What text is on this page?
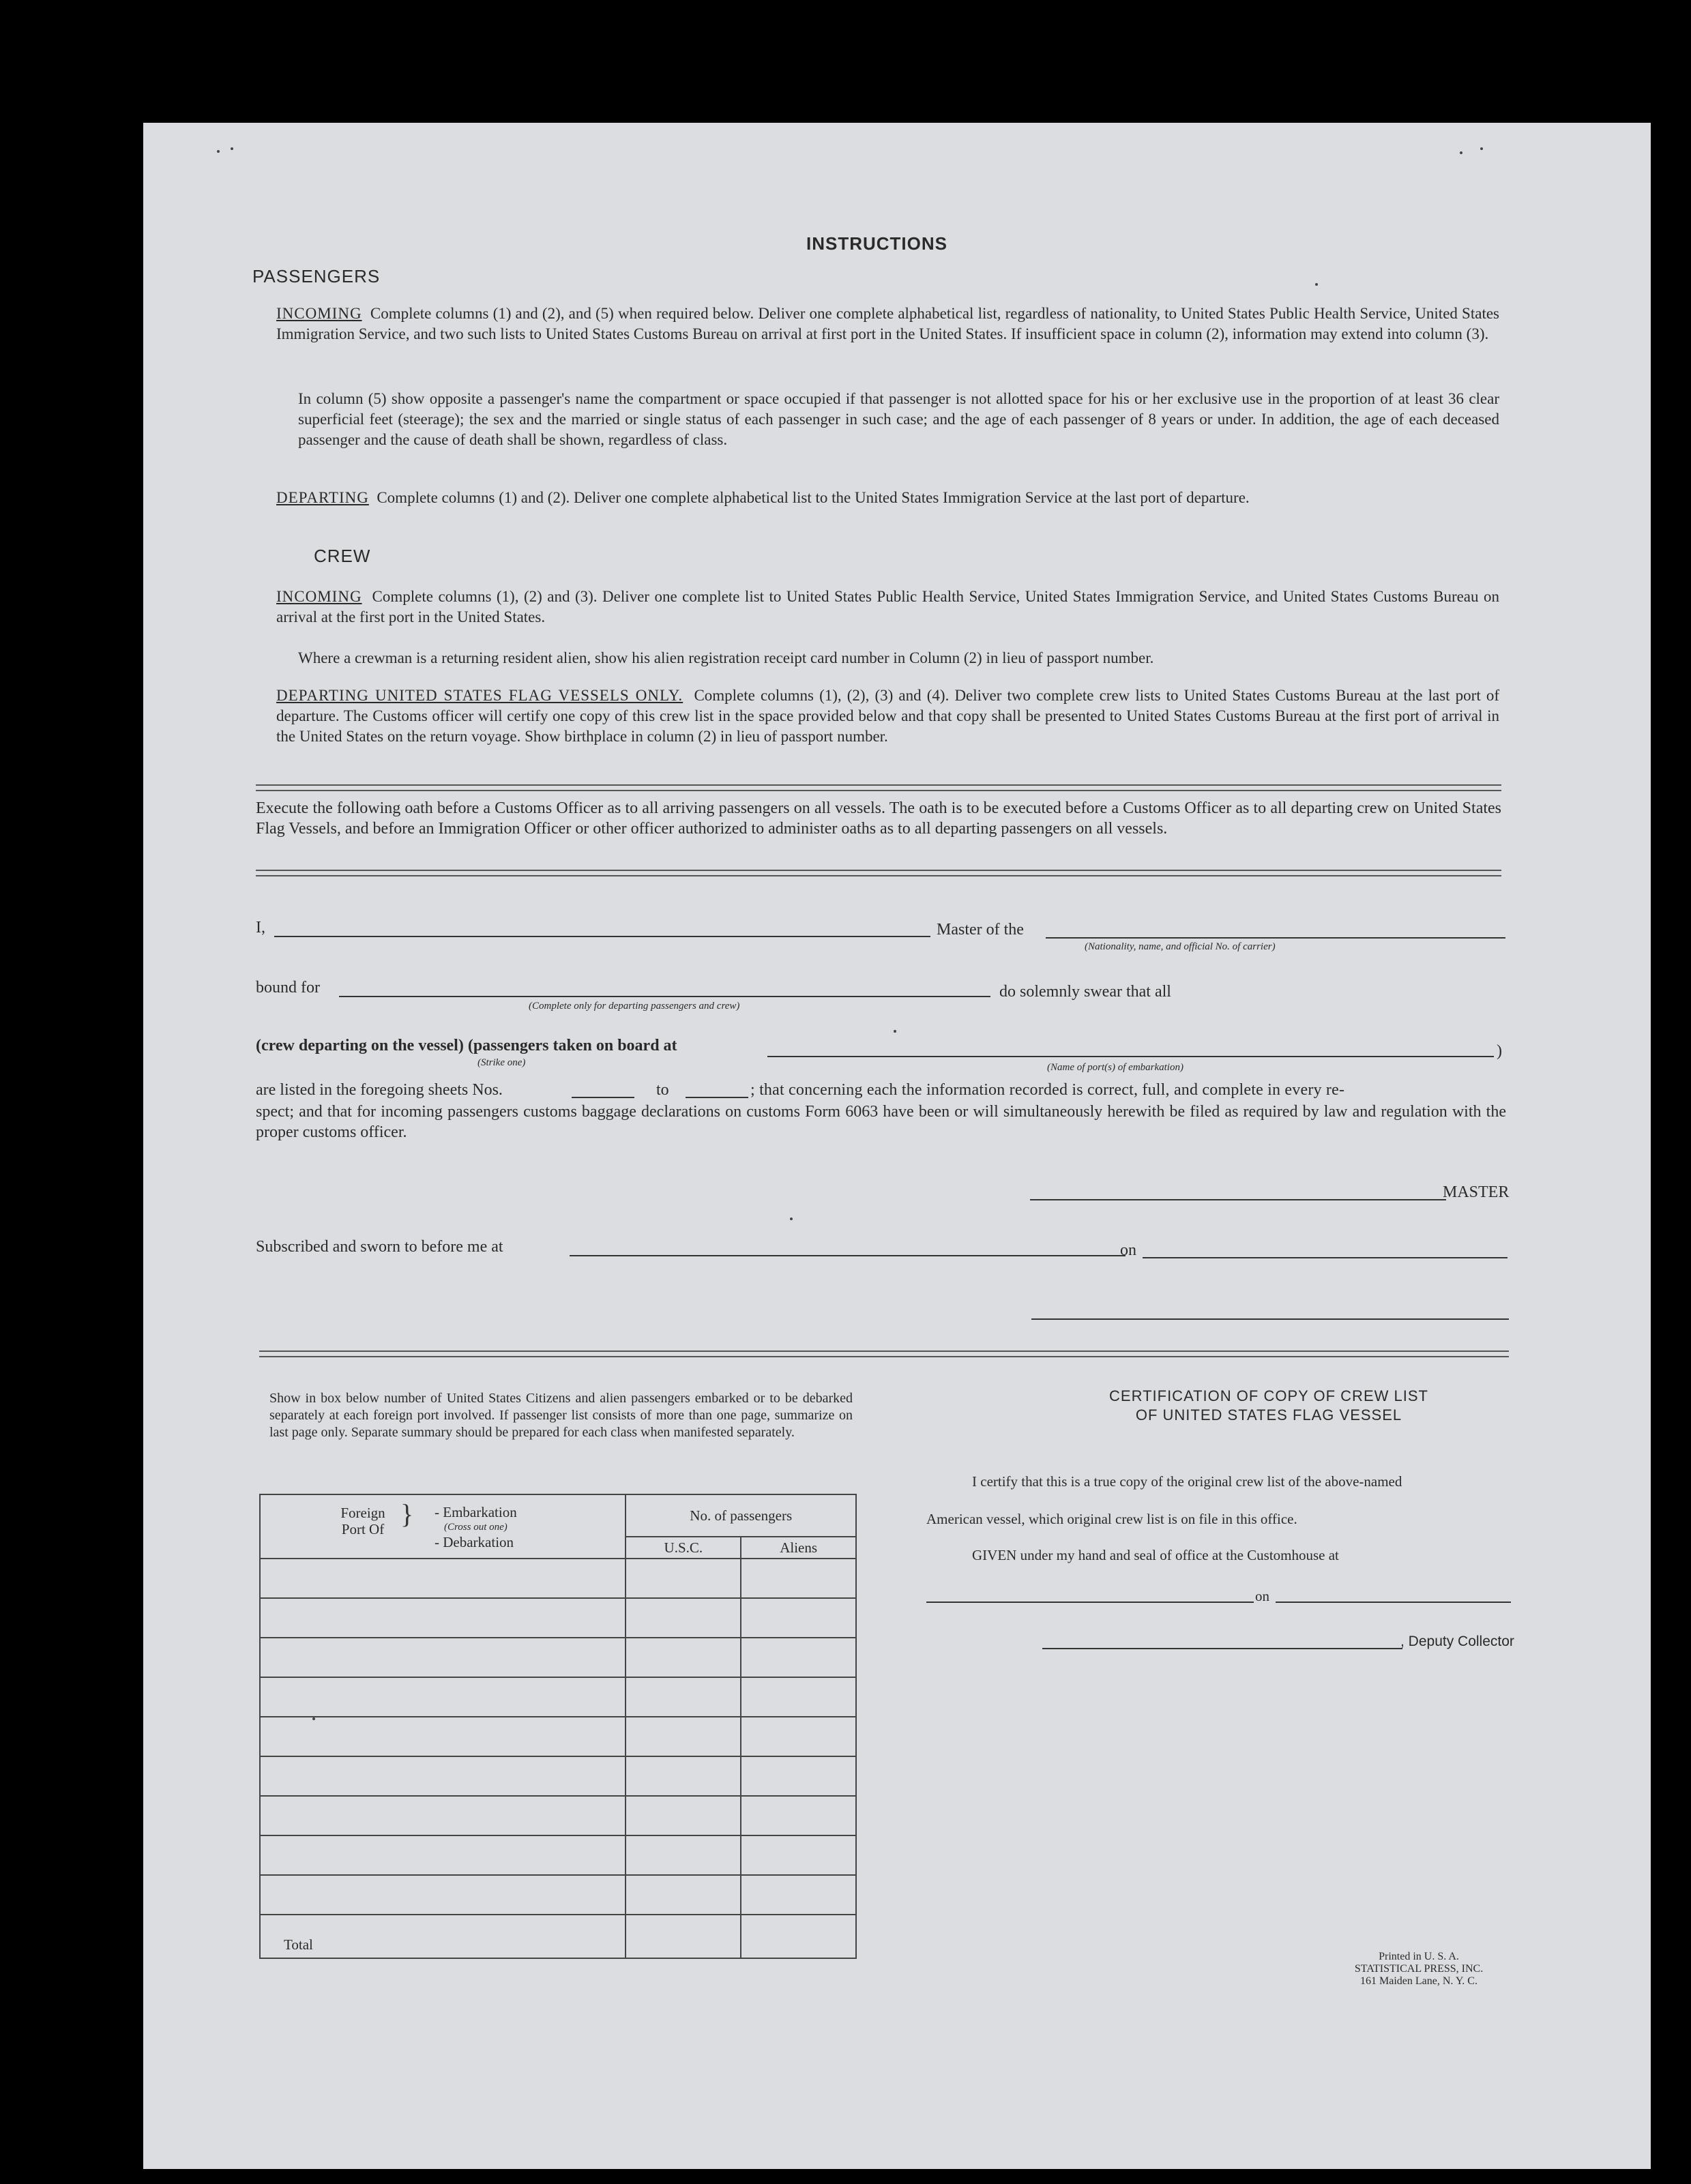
INSTRUCTIONS
PASSENGERS
INCOMING Complete columns (1) and (2), and (5) when required below. Deliver one complete alphabetical list, regardless of nationality, to United States Public Health Service, United States Immigration Service, and two such lists to United States Customs Bureau on arrival at first port in the United States. If insufficient space in column (2), information may extend into column (3).
In column (5) show opposite a passenger's name the compartment or space occupied if that passenger is not allotted space for his or her exclusive use in the proportion of at least 36 clear superficial feet (steerage); the sex and the married or single status of each passenger in such case; and the age of each passenger of 8 years or under. In addition, the age of each deceased passenger and the cause of death shall be shown, regardless of class.
DEPARTING Complete columns (1) and (2). Deliver one complete alphabetical list to the United States Immigration Service at the last port of departure.
CREW
INCOMING Complete columns (1), (2) and (3). Deliver one complete list to United States Public Health Service, United States Immigration Service, and United States Customs Bureau on arrival at the first port in the United States.
Where a crewman is a returning resident alien, show his alien registration receipt card number in Column (2) in lieu of passport number.
DEPARTING UNITED STATES FLAG VESSELS ONLY. Complete columns (1), (2), (3) and (4). Deliver two complete crew lists to United States Customs Bureau at the last port of departure. The Customs officer will certify one copy of this crew list in the space provided below and that copy shall be presented to United States Customs Bureau at the first port of arrival in the United States on the return voyage. Show birthplace in column (2) in lieu of passport number.
Execute the following oath before a Customs Officer as to all arriving passengers on all vessels. The oath is to be executed before a Customs Officer as to all departing crew on United States Flag Vessels, and before an Immigration Officer or other officer authorized to administer oaths as to all departing passengers on all vessels.
I,	Master of the
(Nationality, name, and official No. of carrier)
bound for
(Complete only for departing passengers and crew)
do solemnly swear that all
(crew departing on the vessel) (passengers taken on board at
(Strike one)	(Name of port(s) of embarkation)
)
are listed in the foregoing sheets Nos.	to	; that concerning each the information recorded is correct, full, and complete in every re-
spect; and that for incoming passengers customs baggage declarations on customs Form 6063 have been or will simultaneously herewith be filed as required by law and regulation with the proper customs officer.
MASTER
Subscribed and sworn to before me at	on
Show in box below number of United States Citizens and alien passengers embarked or to be debarked separately at each foreign port involved. If passenger list consists of more than one page, summarize on last page only. Separate summary should be prepared for each class when manifested separately.
Foreign Port Of } - Embarkation
(Cross out one)
- Debarkation	No. of passengers	
	U.S.C.	Aliens

Total		
CERTIFICATION OF COPY OF CREW LIST
OF UNITED STATES FLAG VESSEL
I certify that this is a true copy of the original crew list of the above-named
American vessel, which original crew list is on file in this office.
GIVEN under my hand and seal of office at the Customhouse at
on
, Deputy Collector
Printed in U. S. A.
STATISTICAL PRESS, INC.
161 Maiden Lane, N. Y. C.
